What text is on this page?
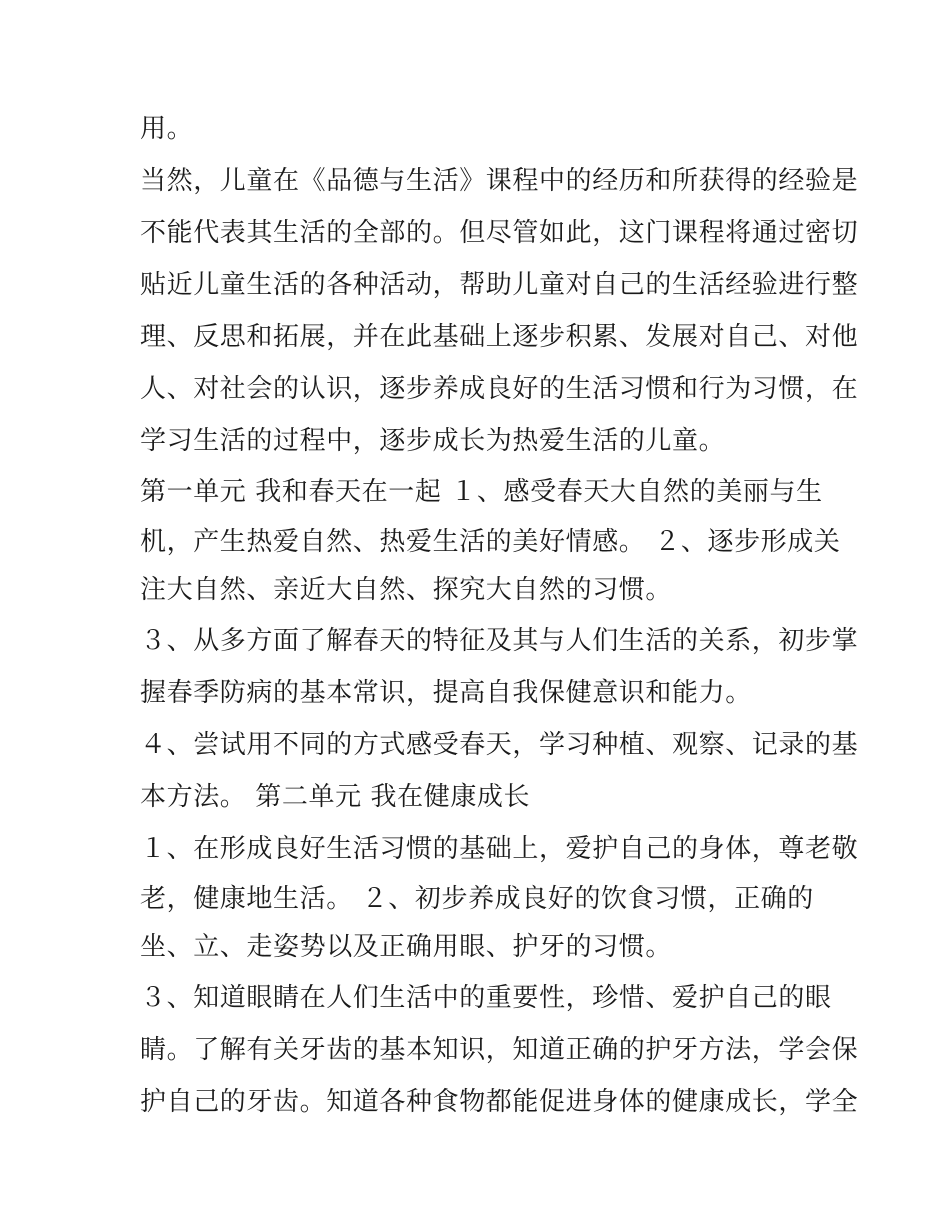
用。
当然，儿童在《品德与生活》课程中的经历和所获得的经验是
不能代表其生活的全部的。但尽管如此，这门课程将通过密切
贴近儿童生活的各种活动，帮助儿童对自己的生活经验进行整
理、反思和拓展，并在此基础上逐步积累、发展对自己、对他
人、对社会的认识，逐步养成良好的生活习惯和行为习惯，在
学习生活的过程中，逐步成长为热爱生活的儿童。
第一单元 我和春天在一起 １、感受春天大自然的美丽与生
机，产生热爱自然、热爱生活的美好情感。 ２、逐步形成关
注大自然、亲近大自然、探究大自然的习惯。
３、从多方面了解春天的特征及其与人们生活的关系，初步掌
握春季防病的基本常识，提高自我保健意识和能力。
４、尝试用不同的方式感受春天，学习种植、观察、记录的基
本方法。 第二单元 我在健康成长
１、在形成良好生活习惯的基础上，爱护自己的身体，尊老敬
老，健康地生活。 ２、初步养成良好的饮食习惯，正确的
坐、立、走姿势以及正确用眼、护牙的习惯。
３、知道眼睛在人们生活中的重要性，珍惜、爱护自己的眼
睛。了解有关牙齿的基本知识，知道正确的护牙方法，学会保
护自己的牙齿。知道各种食物都能促进身体的健康成长，学全
